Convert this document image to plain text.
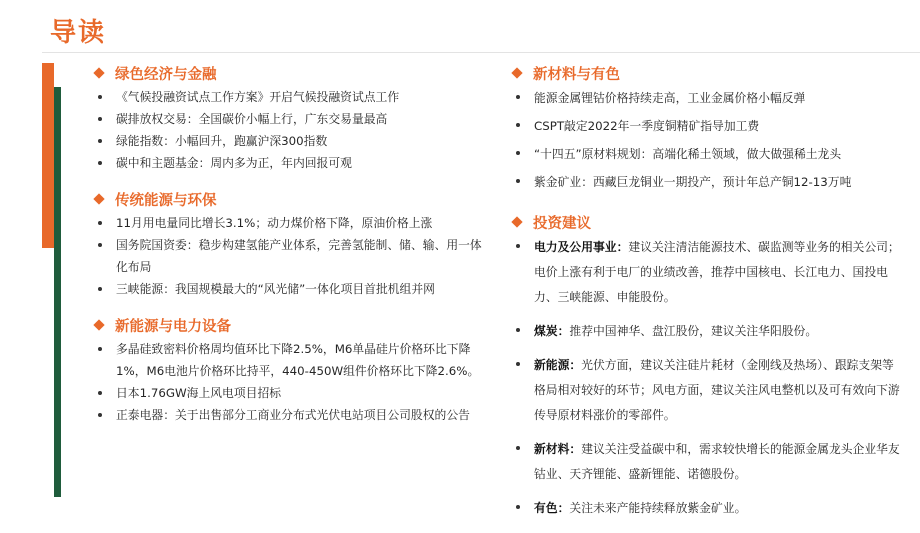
导读
绿色经济与金融
《气候投融资试点工作方案》开启气候投融资试点工作
碳排放权交易：全国碳价小幅上行，广东交易量最高
绿能指数：小幅回升，跑赢沪深300指数
碳中和主题基金：周内多为正，年内回报可观
传统能源与环保
11月用电量同比增长3.1%；动力煤价格下降，原油价格上涨
国务院国资委：稳步构建氢能产业体系，完善氢能制、储、输、用一体化布局
三峡能源：我国规模最大的“风光储”一体化项目首批机组并网
新能源与电力设备
多晶硅致密料价格周均值环比下降2.5%，M6单晶硅片价格环比下降1%，M6电池片价格环比持平，440-450W组件价格环比下降2.6%。
日本1.76GW海上风电项目招标
正泰电器：关于出售部分工商业分布式光伏电站项目公司股权的公告
新材料与有色
能源金属锂钴价格持续走高，工业金属价格小幅反弹
CSPT敲定2022年一季度铜精矿指导加工费
“十四五”原材料规划：高端化稀土领域，做大做强稀土龙头
紫金矿业：西藏巨龙铜业一期投产，预计年总产铜12-13万吨
投资建议
电力及公用事业：建议关注清洁能源技术、碳监测等业务的相关公司；电价上涨有利于电厂的业绩改善，推荐中国核电、长江电力、国投电力、三峡能源、申能股份。
煤炭：推荐中国神华、盘江股份，建议关注华阳股份。
新能源：光伏方面，建议关注硅片耗材（金刚线及热场）、跟踪支架等格局相对较好的环节；风电方面，建议关注风电整机以及可有效向下游传导原材料涨价的零部件。
新材料：建议关注受益碳中和，需求较快增长的能源金属龙头企业华友钴业、天齐锂能、盛新锂能、诺德股份。
有色：关注未来产能持续释放紫金矿业。
